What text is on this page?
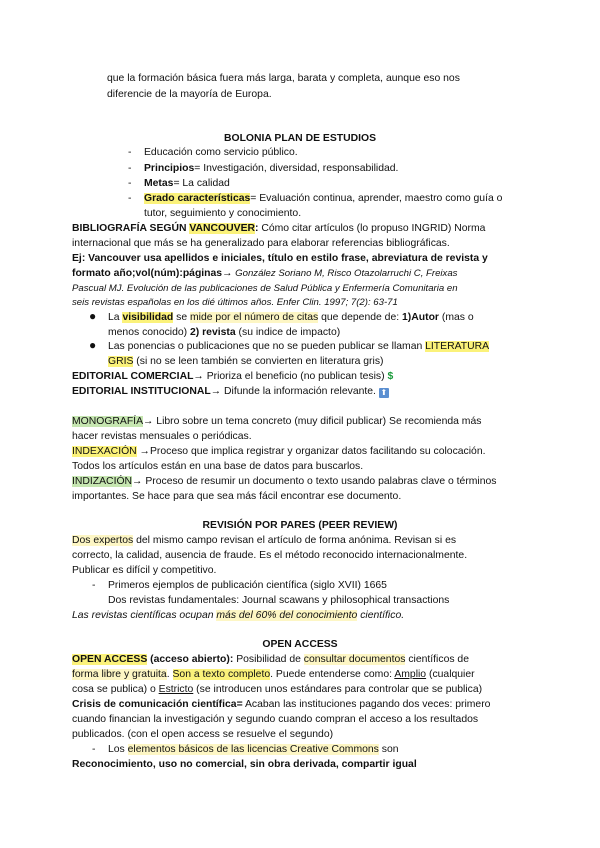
que la formación básica fuera más larga, barata y completa, aunque eso nos
diferencie de la mayoría de Europa.
BOLONIA PLAN DE ESTUDIOS
- Educación como servicio público.
- Principios= Investigación, diversidad, responsabilidad.
- Metas= La calidad
- Grado características= Evaluación continua, aprender, maestro como guía o
tutor, seguimiento y conocimiento.
BIBLIOGRAFÍA SEGÚN VANCOUVER: Cómo citar artículos (lo propuso INGRID) Norma
internacional que más se ha generalizado para elaborar referencias bibliográficas.
Ej: Vancouver usa apellidos e iniciales, título en estilo frase, abreviatura de revista y
formato año;vol(núm):páginas→ González Soriano M, Risco Otazolarruchi C, Freixas
Pascual MJ. Evolución de las publicaciones de Salud Pública y Enfermería Comunitaria en
seis revistas españolas en los dié últimos años. Enfer Clin. 1997; 7(2): 63-71
● La visibilidad se mide por el número de citas que depende de: 1)Autor (mas o
menos conocido) 2) revista (su indice de impacto)
● Las ponencias o publicaciones que no se pueden publicar se llaman LITERATURA
GRIS (si no se leen también se convierten en literatura gris)
EDITORIAL COMERCIAL→ Prioriza el beneficio (no publican tesis) $
EDITORIAL INSTITUCIONAL→ Difunde la información relevante. ⬆
MONOGRAFÍA→ Libro sobre un tema concreto (muy dificil publicar) Se recomienda más
hacer revistas mensuales o periódicas.
INDEXACIÓN →Proceso que implica registrar y organizar datos facilitando su colocación.
Todos los artículos están en una base de datos para buscarlos.
INDIZACIÓN→ Proceso de resumir un documento o texto usando palabras clave o términos
importantes. Se hace para que sea más fácil encontrar ese documento.
REVISIÓN POR PARES (PEER REVIEW)
Dos expertos del mismo campo revisan el artículo de forma anónima. Revisan si es
correcto, la calidad, ausencia de fraude. Es el método reconocido internacionalmente.
Publicar es difícil y competitivo.
- Primeros ejemplos de publicación científica (siglo XVII) 1665
Dos revistas fundamentales: Journal scawans y philosophical transactions
Las revistas científicas ocupan más del 60% del conocimiento científico.
OPEN ACCESS
OPEN ACCESS (acceso abierto): Posibilidad de consultar documentos científicos de
forma libre y gratuita. Son a texto completo. Puede entenderse como: Amplio (cualquier
cosa se publica) o Estricto (se introducen unos estándares para controlar que se publica)
Crisis de comunicación científica= Acaban las instituciones pagando dos veces: primero
cuando financian la investigación y segundo cuando compran el acceso a los resultados
publicados. (con el open access se resuelve el segundo)
- Los elementos básicos de las licencias Creative Commons son
Reconocimiento, uso no comercial, sin obra derivada, compartir igual
